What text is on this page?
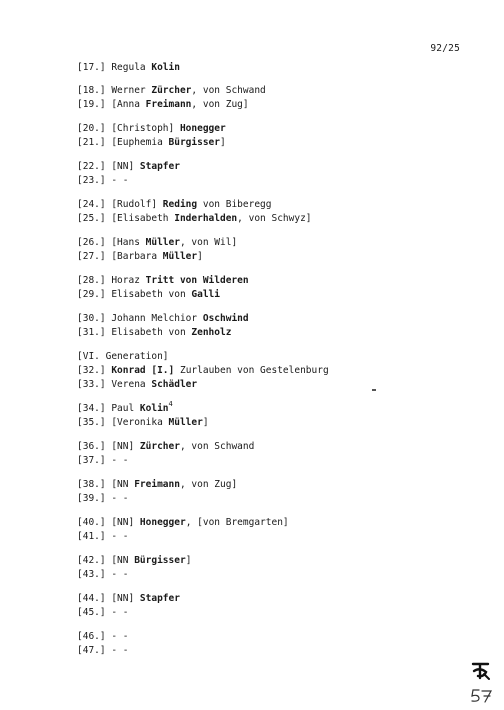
92/25
[17.] Regula Kolin
[18.] Werner Zürcher, von Schwand
[19.] [Anna Freimann, von Zug]
[20.] [Christoph] Honegger
[21.] [Euphemia Bürgisser]
[22.] [NN] Stapfer
[23.] - -
[24.] [Rudolf] Reding von Biberegg
[25.] [Elisabeth Inderhalden, von Schwyz]
[26.] [Hans Müller, von Wil]
[27.] [Barbara Müller]
[28.] Horaz Tritt von Wilderen
[29.] Elisabeth von Galli
[30.] Johann Melchior Oschwind
[31.] Elisabeth von Zenholz
[VI. Generation]
[32.] Konrad [I.] Zurlauben von Gestelenburg
[33.] Verena Schädler
[34.] Paul Kolin$^4$
[35.] [Veronika Müller]
[36.] [NN] Zürcher, von Schwand
[37.] - -
[38.] [NN Freimann, von Zug]
[39.] - -
[40.] [NN] Honegger, [von Bremgarten]
[41.] - -
[42.] [NN Bürgisser]
[43.] - -
[44.] [NN] Stapfer
[45.] - -
[46.] - -
[47.] - -
